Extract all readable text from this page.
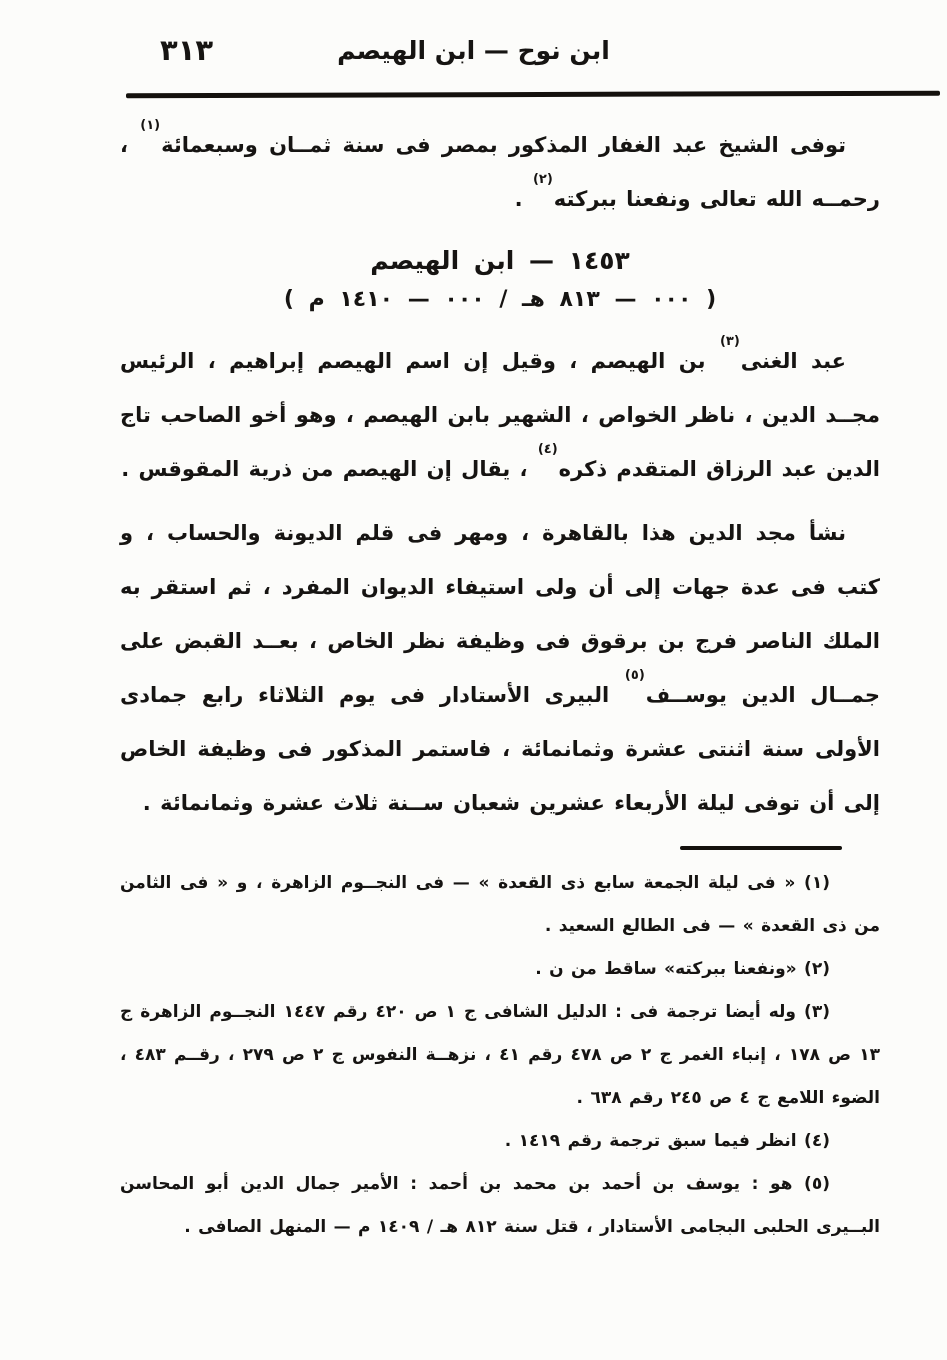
٣١٣	ابن نوح — ابن الهيصم

توفى الشيخ عبد الغفار المذكور بمصر فى سنة ثمــان وسبعمائة$^{(١)}$ ، رحمــه الله تعالى ونفعنا ببركته$^{(٢)}$ .

١٤٥٣ — ابن الهيصم
( ٠٠٠ — ٨١٣ هـ / ٠٠٠ — ١٤١٠ م )

عبد الغنى$^{(٣)}$ بن الهيصم ، وقيل إن اسم الهيصم إبراهيم ، الرئيس مجــد الدين ، ناظر الخواص ، الشهير بابن الهيصم ، وهو أخو الصاحب تاج الدين عبد الرزاق المتقدم ذكره$^{(٤)}$ ، يقال إن الهيصم من ذرية المقوقس .

نشأ مجد الدين هذا بالقاهرة ، ومهر فى قلم الديونة والحساب ، و كتب فى عدة جهات إلى أن ولى استيفاء الديوان المفرد ، ثم استقر به الملك الناصر فرج بن برقوق فى وظيفة نظر الخاص ، بعــد القبض على جمــال الدين يوســف$^{(٥)}$ البيرى الأستادار فى يوم الثلاثاء رابع جمادى الأولى سنة اثنتى عشرة وثمانمائة ، فاستمر المذكور فى وظيفة الخاص إلى أن توفى ليلة الأربعاء عشرين شعبان ســنة ثلاث عشرة وثمانمائة .

(١) « فى ليلة الجمعة سابع ذى القعدة » — فى النجــوم الزاهرة ، و « فى الثامن من ذى القعدة » — فى الطالع السعيد .

(٢) «ونفعنا ببركته» ساقط من ن .

(٣) وله أيضا ترجمة فى : الدليل الشافى ج ١ ص ٤٢٠ رقم ١٤٤٧ النجــوم الزاهرة ج ١٣ ص ١٧٨ ، إنباء الغمر ج ٢ ص ٤٧٨ رقم ٤١ ، نزهــة النفوس ج ٢ ص ٢٧٩ ، رقــم ٤٨٣ ، الضوء اللامع ج ٤ ص ٢٤٥ رقم ٦٣٨ .

(٤) انظر فيما سبق ترجمة رقم ١٤١٩ .

(٥) هو : يوسف بن أحمد بن محمد بن أحمد : الأمير جمال الدين أبو المحاسن البــيرى الحلبى البجامى الأستادار ، قتل سنة ٨١٢ هـ / ١٤٠٩ م — المنهل الصافى .
